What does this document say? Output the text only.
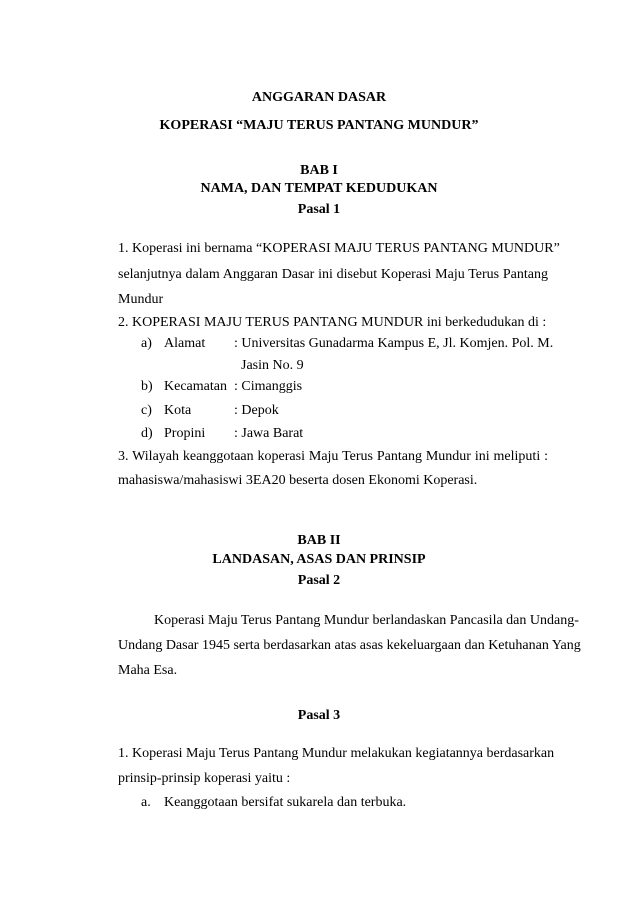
ANGGARAN DASAR
KOPERASI “MAJU TERUS PANTANG MUNDUR”
BAB I
NAMA, DAN TEMPAT KEDUDUKAN
Pasal 1
1. Koperasi ini bernama “KOPERASI MAJU TERUS PANTANG MUNDUR”
selanjutnya dalam Anggaran Dasar ini disebut Koperasi Maju Terus Pantang
Mundur
2. KOPERASI MAJU TERUS PANTANG MUNDUR ini berkedudukan di :
a) Alamat : Universitas Gunadarma Kampus E, Jl. Komjen. Pol. M.
Jasin No. 9
b) Kecamatan : Cimanggis
c) Kota	: Depok
d) Propini : Jawa Barat
3. Wilayah keanggotaan koperasi Maju Terus Pantang Mundur ini meliputi :
mahasiswa/mahasiswi 3EA20 beserta dosen Ekonomi Koperasi.
BAB II
LANDASAN, ASAS DAN PRINSIP
Pasal 2
Koperasi Maju Terus Pantang Mundur berlandaskan Pancasila dan Undang-
Undang Dasar 1945 serta berdasarkan atas asas kekeluargaan dan Ketuhanan Yang
Maha Esa.
Pasal 3
1. Koperasi Maju Terus Pantang Mundur melakukan kegiatannya berdasarkan
prinsip-prinsip koperasi yaitu :
a. Keanggotaan bersifat sukarela dan terbuka.
